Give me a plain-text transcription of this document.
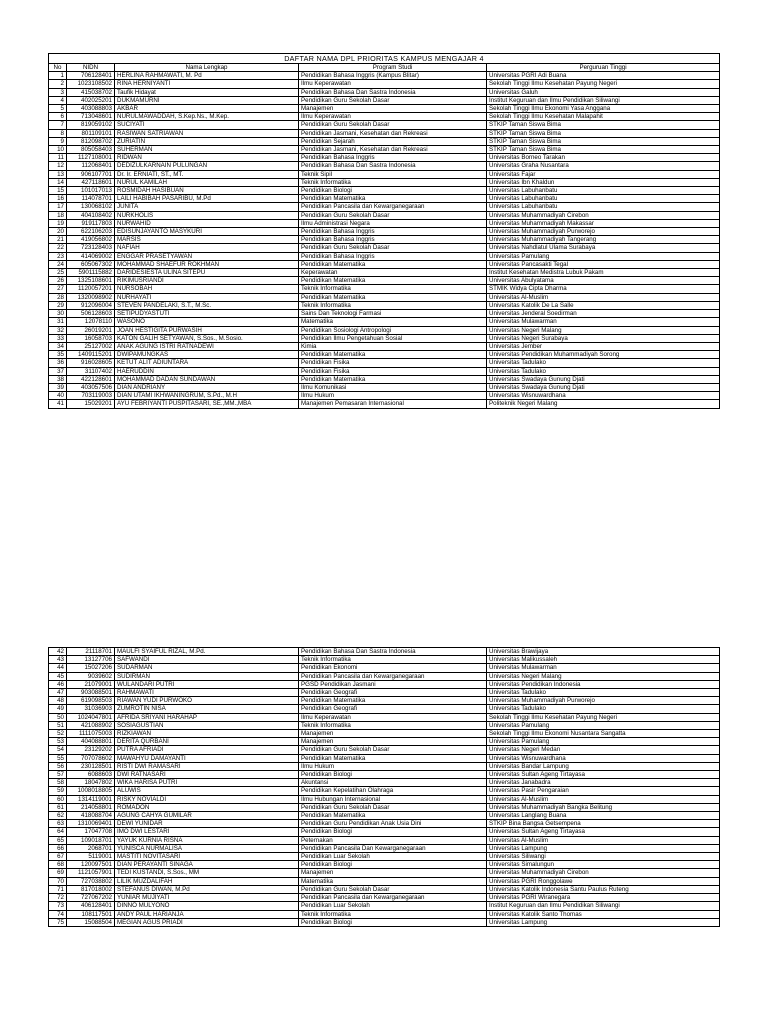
DAFTAR NAMA DPL PRIORITAS KAMPUS MENGAJAR 4				
No	NIDN	Nama Lengkap	Program Studi	Perguruan Tinggi
1	706128401	HERLINA RAHMAWATI, M. Pd	Pendidikan Bahasa Inggris (Kampus Blitar)	Universitas PGRI Adi Buana
2	1023108502	RINA HERNIYANTI	Ilmu Keperawatan	Sekolah Tinggi Ilmu Kesehatan Payung Negeri
3	415038702	Taufik Hidayat	Pendidikan Bahasa Dan Sastra Indonesia	Universitas Galuh
4	402025201	DUKMAMURNI	Pendidikan Guru Sekolah Dasar	Institut Keguruan dan Ilmu Pendidikan Siliwangi
5	403088803	AKBAR	Manajemen	Sekolah Tinggi Ilmu Ekonomi Yasa Anggana
6	713048601	NURULMAWADDAH, S.Kep.Ns., M.Kep.	Ilmu Keperawatan	Sekolah Tinggi Ilmu Kesehatan Malapahit
7	819059102	SUCIYATI	Pendidikan Guru Sekolah Dasar	STKIP Taman Siswa Bima
8	801109101	RASIWAN SATRIAWAN	Pendidikan Jasmani, Kesehatan dan Rekreasi	STKIP Taman Siswa Bima
9	812098702	ZURIATIN	Pendidikan Sejarah	STKIP Taman Siswa Bima
10	805058403	SUHERMAN	Pendidikan Jasmani, Kesehatan dan Rekreasi	STKIP Taman Siswa Bima
11	1127108001	RIDWAN	Pendidikan Bahasa Inggris	Universitas Borneo Tarakan
12	112068401	DEDIZULKARNAIN PULUNGAN	Pendidikan Bahasa Dan Sastra Indonesia	Universitas Graha Nusantara
13	906107701	Dr. Ir. ERNIATI, ST., MT.	Teknik Sipil	Universitas Fajar
14	427118601	NURUL KAMILAH	Teknik Informatika	Universitas Ibn Khaldun
15	101017013	ROSMIDAH HASIBUAN	Pendidikan Biologi	Universitas Labuhanbatu
16	114078701	LAILI HABIBAH PASARIBU, M.Pd	Pendidikan Matematika	Universitas Labuhanbatu
17	130068102	JUNITA	Pendidikan Pancasila dan Kewarganegaraan	Universitas Labuhanbatu
18	404108402	NURKHOLIS	Pendidikan Guru Sekolah Dasar	Universitas Muhammadiyah Cirebon
19	919117803	NURWAHID	Ilmu Administrasi Negara	Universitas Muhammadiyah Makassar
20	622106203	EDISUNJAYANTO MASYKURI	Pendidikan Bahasa Inggris	Universitas Muhammadiyah Purworejo
21	419056802	MARSIS	Pendidikan Bahasa Inggris	Universitas Muhammadiyah Tangerang
22	723128403	NAFIAH	Pendidikan Guru Sekolah Dasar	Universitas Nahdlatul Ulama Surabaya
23	414069002	ENGGAR PRASETYAWAN	Pendidikan Bahasa Inggris	Universitas Pamulang
24	605067302	MOHAMMAD SHAEFUR ROKHMAN	Pendidikan Matematika	Universitas Pancasakti Tegal
25	5901115882	DARIDESIESTA ULINA SITEPU	Keperawatan	Institut Kesehatan Medistra Lubuk Pakam
26	1325108601	RIKIMUSRIANDI	Pendidikan Matematika	Universitas Abulyatama
27	1120057201	NURSOBAH	Teknik Informatika	STMIK Widya Cipta Dharma
28	1320098902	NURHAYATI	Pendidikan Matematika	Universitas Al-Muslim
29	912096004	STEVEN PANDELAKI, S.T., M.Sc.	Teknik Informatika	Universitas Katolik De La Salle
30	506128603	SETIPUDYASTUTI	Sains Dan Teknologi Farmasi	Universitas Jenderal Soedirman
31	12078110	WASONO	Matematika	Universitas Mulawarman
32	26019201	JOAN HESTIGITA PURWASIH	Pendidikan Sosiologi Antropologi	Universitas Negeri Malang
33	16058703	KATON GALIH SETYAWAN, S.Sos., M.Sosio.	Pendidikan Ilmu Pengetahuan Sosial	Universitas Negeri Surabaya
34	25127002	ANAK AGUNG ISTRI RATNADEWI	Kimia	Universitas Jember
35	1409115201	DWIPAMUNGKAS	Pendidikan Matematika	Universitas Pendidikan Muhammadiyah Sorong
36	916028605	KETUT ALIT ADIUNTARA	Pendidikan Fisika	Universitas Tadulako
37	31107402	HAERUDDIN	Pendidikan Fisika	Universitas Tadulako
38	422128601	MOHAMMAD DADAN SUNDAWAN	Pendidikan Matematika	Universitas Swadaya Gunung Djati
39	403057506	DIAN ANDRIANY	Ilmu Komunikasi	Universitas Swadaya Gunung Djati
40	703119003	DIAN UTAMI IKHWANINGRUM, S.Pd., M.H	Ilmu Hukum	Universitas Wisnuwardhana
41	15029201	AYU FEBRIYANTI PUSPITASARI, SE.,MM.,MBA	Manajemen Pemasaran Internasional	Politeknik Negeri Malang
42	21118701	MAULFI SYAIFUL RIZAL, M.Pd.	Pendidikan Bahasa Dan Sastra Indonesia	Universitas Brawijaya
43	13127706	SAFWANDI	Teknik Informatika	Universitas Malikussaleh
44	15027206	SUDARMAN	Pendidikan Ekonomi	Universitas Mulawarman
45	9039602	SUDIRMAN	Pendidikan Pancasila dan Kewarganegaraan	Universitas Negeri Malang
46	21079001	WULANDARI PUTRI	PGSD Pendidikan Jasmani	Universitas Pendidikan Indonesia
47	903088501	RAHMAWATI	Pendidikan Geografi	Universitas Tadulako
48	619098503	RIAWAN YUDI PURWOKO	Pendidikan Matematika	Universitas Muhammadiyah Purworejo
49	31036903	ZUMROTIN NISA	Pendidikan Geografi	Universitas Tadulako
50	1024047801	AFRIDA SRIYANI HARAHAP	Ilmu Keperawatan	Sekolah Tinggi Ilmu Kesehatan Payung Negeri
51	421088902	SOSIAGUSTIAN	Teknik Informatika	Universitas Pamulang
52	1111075003	RIZKIAWAN	Manajemen	Sekolah Tinggi Ilmu Ekonomi Nusantara Sangatta
53	404088801	DERITA QURBANI	Manajemen	Universitas Pamulang
54	23129202	PUTRA AFRIADI	Pendidikan Guru Sekolah Dasar	Universitas Negeri Medan
55	707078602	MAWAHYU DAMAYANTI	Pendidikan Matematika	Universitas Wisnuwardhana
56	230128501	RISTI DWI RAMASARI	Ilmu Hukum	Universitas Bandar Lampung
57	6088603	DWI RATNASARI	Pendidikan Biologi	Universitas Sultan Ageng Tirtayasa
58	18047802	WIKA HARISA PUTRI	Akuntansi	Universitas Janabadra
59	1008018805	ALUWIS	Pendidikan Kepelatihan Olahraga	Universitas Pasir Pengaraian
60	1314119001	RISKY NOVIALDI	Ilmu Hubungan Internasional	Universitas Al-Muslim
61	214058801	ROMADON	Pendidikan Guru Sekolah Dasar	Universitas Muhammadiyah Bangka Belitung
62	418088704	AGUNG CAHYA GUMILAR	Pendidikan Matematika	Universitas Langlang Buana
63	1310069401	DEWI YUNIDAR	Pendidikan Guru Pendidikan Anak Usia Dini	STKIP Bina Bangsa Getsempena
64	17047708	IMO DWI LESTARI	Pendidikan Biologi	Universitas Sultan Ageng Tirtayasa
65	109018701	YAYUK KURNIA RISNA	Peternakan	Universitas Al-Muslim
66	2068701	YUNISCA NURMALISA	Pendidikan Pancasila Dan Kewarganegaraan	Universitas Lampung
67	5119001	MASTITI NOVITASARI	Pendidikan Luar Sekolah	Universitas Siliwangi
68	120097501	DIAN PERAYANTI SINAGA	Pendidikan Biologi	Universitas Simalungun
69	1121057901	TEDI KUSTANDI, S.Sos., MM	Manajemen	Universitas Muhammadiyah Cirebon
70	727038802	LILIK MUZDALIFAH	Matematika	Universitas PGRI Ronggolawe
71	817018002	STEFANUS DIWAN, M.Pd	Pendidikan Guru Sekolah Dasar	Universitas Katolik Indonesia Santu Paulus Ruteng
72	727067202	YUNIAR MUJIYATI	Pendidikan Pancasila dan Kewarganegaraan	Universitas PGRI Wiranegara
73	406128401	DINNO MULYONO	Pendidikan Luar Sekolah	Institut Keguruan dan Ilmu Pendidikan Siliwangi
74	108117501	ANDY PAUL HARIANJA	Teknik Informatika	Universitas Katolik Santo Thomas
75	15088504	MEGIAN AGUS PRIADI	Pendidikan Biologi	Universitas Lampung
